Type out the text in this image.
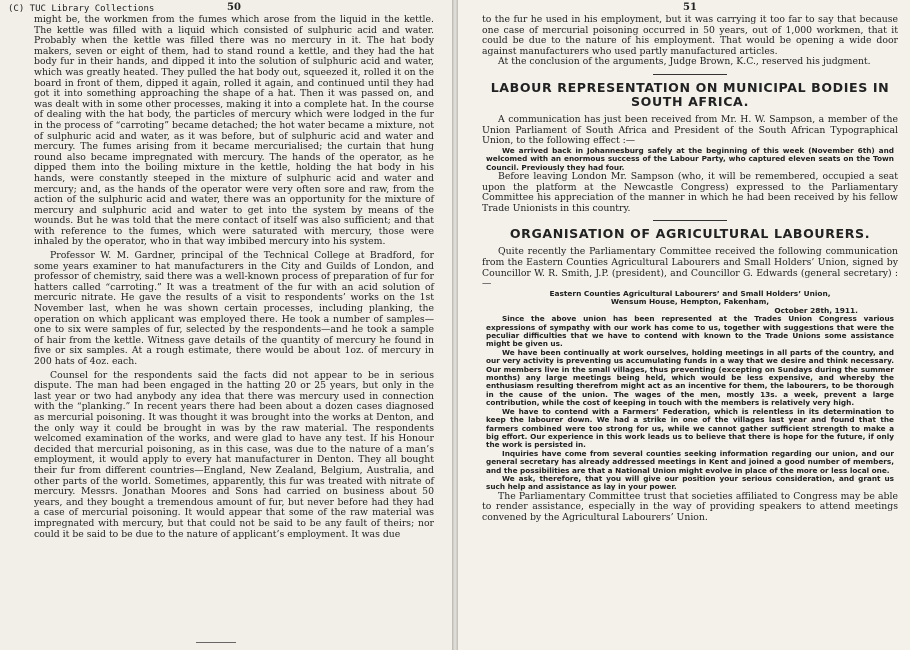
(C) TUC Library Collections	50

might be, the workmen from the fumes which arose from the liquid in the kettle. The kettle was filled with a liquid which consisted of sulphuric acid and water. Probably when the kettle was filled there was no mercury in it. The hat body makers, seven or eight of them, had to stand round a kettle, and they had the hat body fur in their hands, and dipped it into the solution of sulphuric acid and water, which was greatly heated. They pulled the hat body out, squeezed it, rolled it on the board in front of them, dipped it again, rolled it again, and continued until they had got it into something approaching the shape of a hat. Then it was passed on, and was dealt with in some other processes, making it into a complete hat. In the course of dealing with the hat body, the particles of mercury which were lodged in the fur in the process of “carroting” became detached; the hot water became a mixture, not of sulphuric acid and water, as it was before, but of sulphuric acid and water and mercury. The fumes arising from it became mercurialised; the curtain that hung round also became impregnated with mercury. The hands of the operator, as he dipped them into the boiling mixture in the kettle, holding the hat body in his hands, were constantly steeped in the mixture of sulphuric acid and water and mercury; and, as the hands of the operator were very often sore and raw, from the action of the sulphuric acid and water, there was an opportunity for the mixture of mercury and sulphuric acid and water to get into the system by means of the wounds. But he was told that the mere contact of itself was also sufficient; and that with reference to the fumes, which were saturated with mercury, those were inhaled by the operator, who in that way imbibed mercury into his system.

Professor W. M. Gardner, principal of the Technical College at Bradford, for some years examiner to hat manufacturers in the City and Guilds of London, and professor of chemistry, said there was a well-known process of preparation of fur for hatters called “carroting.” It was a treatment of the fur with an acid solution of mercuric nitrate. He gave the results of a visit to respondents’ works on the 1st November last, when he was shown certain processes, including planking, the operation on which applicant was employed there. He took a number of samples—one to six were samples of fur, selected by the respondents—and he took a sample of hair from the kettle. Witness gave details of the quantity of mercury he found in five or six samples. At a rough estimate, there would be about 1oz. of mercury in 200 hats of 4oz. each.

Counsel for the respondents said the facts did not appear to be in serious dispute. The man had been engaged in the hatting 20 or 25 years, but only in the last year or two had anybody any idea that there was mercury used in connection with the “planking.” In recent years there had been about a dozen cases diagnosed as mercurial poisoning. It was thought it was brought into the works at Denton, and the only way it could be brought in was by the raw material. The respondents welcomed examination of the works, and were glad to have any test. If his Honour decided that mercurial poisoning, as in this case, was due to the nature of a man’s employment, it would apply to every hat manufacturer in Denton. They all bought their fur from different countries—England, New Zealand, Belgium, Australia, and other parts of the world. Sometimes, apparently, this fur was treated with nitrate of mercury. Messrs. Jonathan Moores and Sons had carried on business about 50 years, and they bought a tremendous amount of fur, but never before had they had a case of mercurial poisoning. It would appear that some of the raw material was impregnated with mercury, but that could not be said to be any fault of theirs; nor could it be said to be due to the nature of applicant’s employment. It was due

51

to the fur he used in his employment, but it was carrying it too far to say that because one case of mercurial poisoning occurred in 50 years, out of 1,000 workmen, that it could be due to the nature of his employment. That would be opening a wide door against manufacturers who used partly manufactured articles.

At the conclusion of the arguments, Judge Brown, K.C., reserved his judgment.

LABOUR REPRESENTATION ON MUNICIPAL BODIES IN SOUTH AFRICA.

A communication has just been received from Mr. H. W. Sampson, a member of the Union Parliament of South Africa and President of the South African Typographical Union, to the following effect :—

We arrived back in Johannesburg safely at the beginning of this week (November 6th) and welcomed with an enormous success of the Labour Party, who captured eleven seats on the Town Council. Previously they had four.

Before leaving London Mr. Sampson (who, it will be remembered, occupied a seat upon the platform at the Newcastle Congress) expressed to the Parliamentary Committee his appreciation of the manner in which he had been received by his fellow Trade Unionists in this country.

ORGANISATION OF AGRICULTURAL LABOURERS.

Quite recently the Parliamentary Committee received the following communication from the Eastern Counties Agricultural Labourers and Small Holders’ Union, signed by Councillor W. R. Smith, J.P. (president), and Councillor G. Edwards (general secretary) :—

Eastern Counties Agricultural Labourers’ and Small Holders’ Union,
Wensum House, Hempton, Fakenham,
October 28th, 1911.

Since the above union has been represented at the Trades Union Congress various expressions of sympathy with our work has come to us, together with suggestions that were the peculiar difficulties that we have to contend with known to the Trade Unions some assistance might be given us.

We have been continually at work ourselves, holding meetings in all parts of the country, and our very activity is preventing us accumulating funds in a way that we desire and think necessary. Our members live in the small villages, thus preventing (excepting on Sundays during the summer months) any large meetings being held, which would be less expensive, and whereby the enthusiasm resulting therefrom might act as an incentive for them, the labourers, to be thorough in the cause of the union. The wages of the men, mostly 13s. a week, prevent a large contribution, while the cost of keeping in touch with the members is relatively very high.

We have to contend with a Farmers’ Federation, which is relentless in its determination to keep the labourer down. We had a strike in one of the villages last year and found that the farmers combined were too strong for us, while we cannot gather sufficient strength to make a big effort. Our experience in this work leads us to believe that there is hope for the future, if only the work is persisted in.

Inquiries have come from several counties seeking information regarding our union, and our general secretary has already addressed meetings in Kent and joined a good number of members, and the possibilities are that a National Union might evolve in place of the more or less local one.

We ask, therefore, that you will give our position your serious consideration, and grant us such help and assistance as lay in your power.

The Parliamentary Committee trust that societies affiliated to Congress may be able to render assistance, especially in the way of providing speakers to attend meetings convened by the Agricultural Labourers’ Union.
